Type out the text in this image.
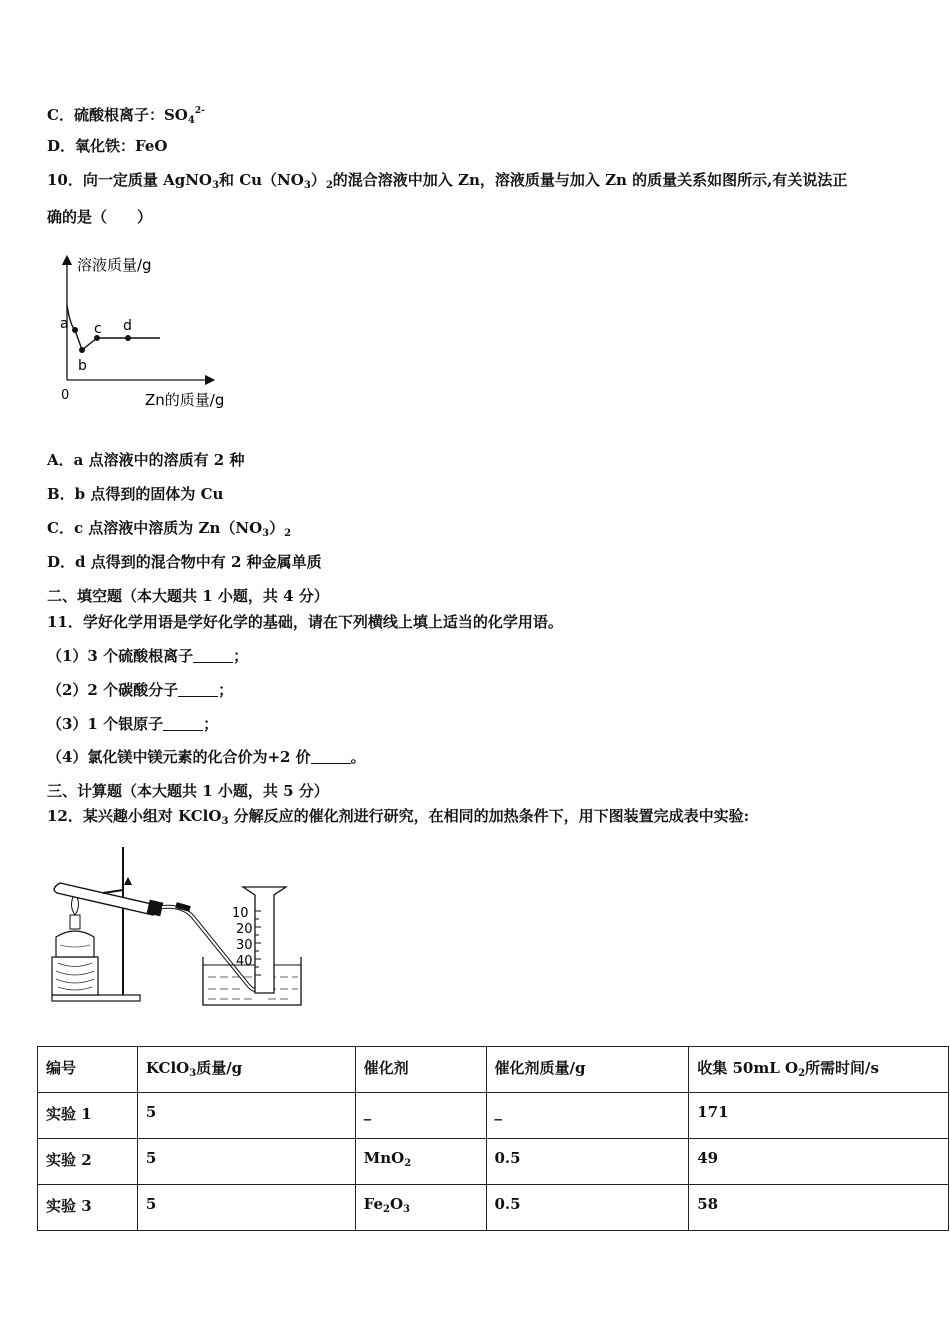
C．硫酸根离子：$SO_4^{2-}$
D．氧化铁：FeO
10．向一定质量 AgNO$_3$和 $Cu(NO_3)_2$的混合溶液中加入 Zn，溶液质量与加入 Zn 的质量关系如图所示,有关说法正
确的是（　　）
溶液质量/g
Zn的质量/g
0
a
b
c d
A．a 点溶液中的溶质有 2 种
B．b 点得到的固体为 Cu
C．c 点溶液中溶质为 $Zn(NO_3)_2$
D．d 点得到的混合物中有 2 种金属单质
二、填空题（本大题共 1 小题，共 4 分）
11．学好化学用语是学好化学的基础，请在下列横线上填上适当的化学用语。
（1）3 个硫酸根离子	；
（2）2 个碳酸分子	；
（3）1 个银原子	；
（4）氯化镁中镁元素的化合价为+2 价	。
三、计算题（本大题共 1 小题，共 5 分）
12．某兴趣小组对 KClO$_3$ 分解反应的催化剂进行研究，在相同的加热条件下，用下图装置完成表中实验:
10
20
30
40
编号	KClO$_3$质量/g	催化剂	催化剂质量/g	收集 50mL $O_2$所需时间/s
实验 1	5	_	_	171
实验 2	5	MnO$_2$	0.5	49
实验 3	5	$Fe_2O_3$	0.5	58
